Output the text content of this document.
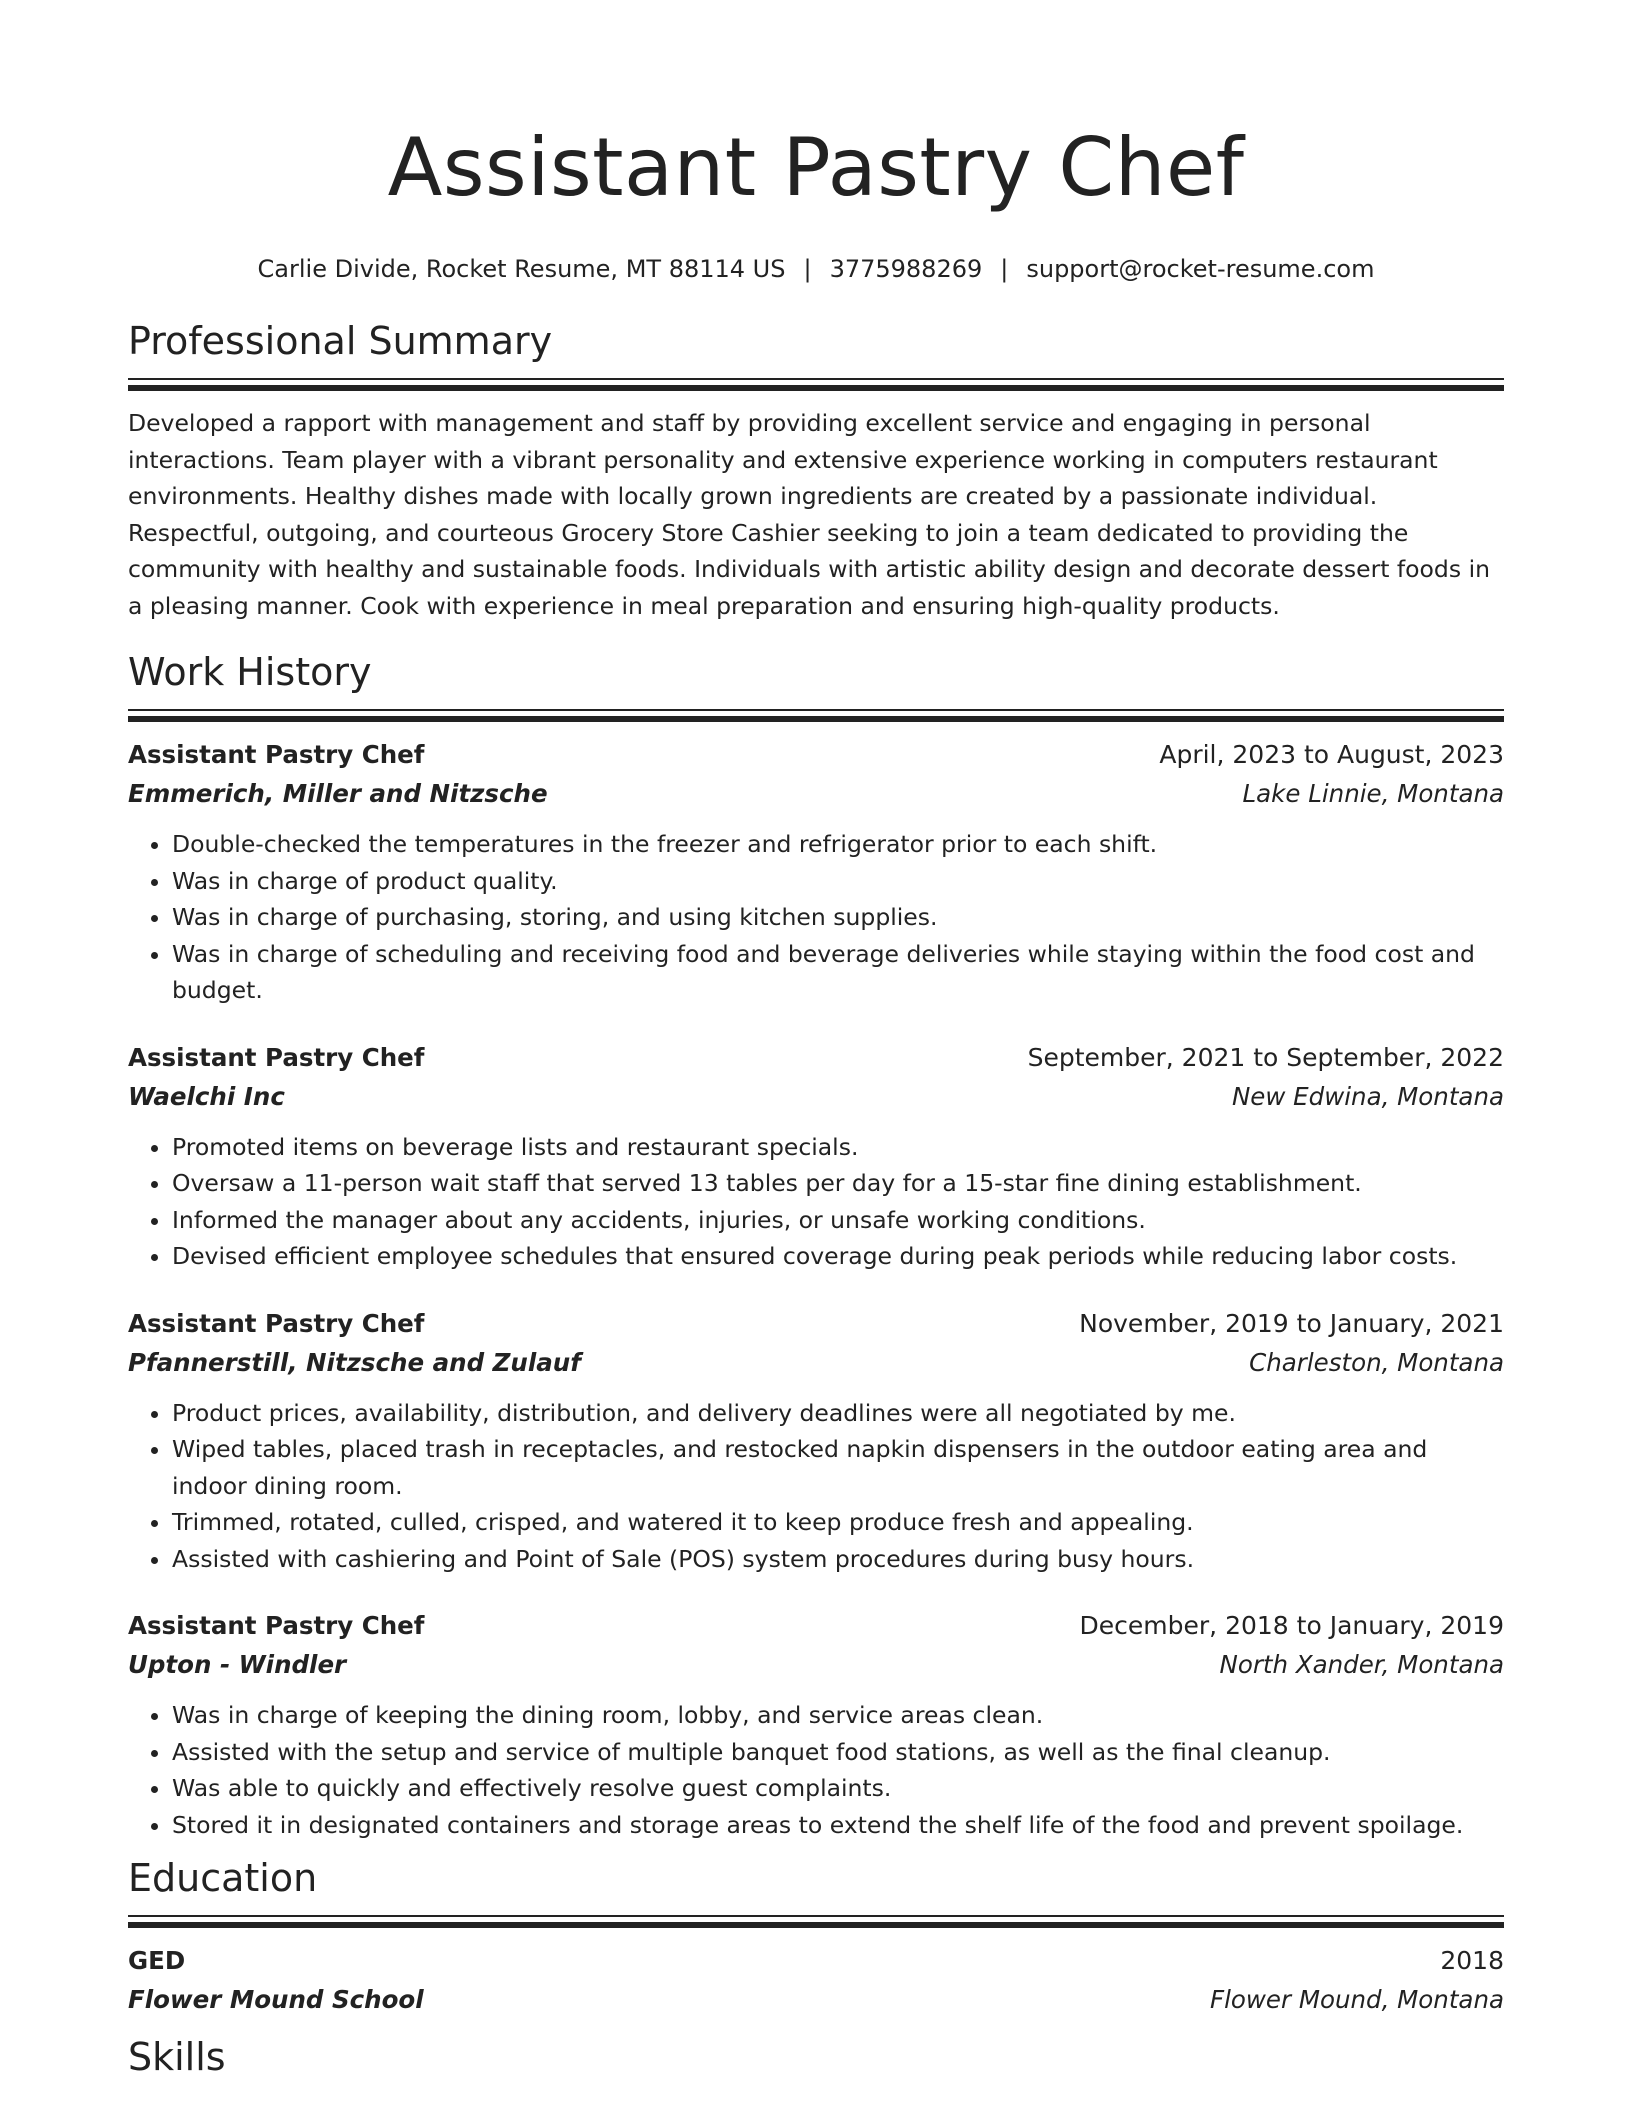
Assistant Pastry Chef
Carlie Divide, Rocket Resume, MT 88114 US | 3775988269 | support@rocket-resume.com
Professional Summary
Developed a rapport with management and staff by providing excellent service and engaging in personal interactions. Team player with a vibrant personality and extensive experience working in computers restaurant environments. Healthy dishes made with locally grown ingredients are created by a passionate individual. Respectful, outgoing, and courteous Grocery Store Cashier seeking to join a team dedicated to providing the community with healthy and sustainable foods. Individuals with artistic ability design and decorate dessert foods in a pleasing manner. Cook with experience in meal preparation and ensuring high-quality products.
Work History
Assistant Pastry Chef	April, 2023 to August, 2023
Emmerich, Miller and Nitzsche	Lake Linnie, Montana
• Double-checked the temperatures in the freezer and refrigerator prior to each shift.
• Was in charge of product quality.
• Was in charge of purchasing, storing, and using kitchen supplies.
• Was in charge of scheduling and receiving food and beverage deliveries while staying within the food cost and budget.
Assistant Pastry Chef	September, 2021 to September, 2022
Waelchi Inc	New Edwina, Montana
• Promoted items on beverage lists and restaurant specials.
• Oversaw a 11-person wait staff that served 13 tables per day for a 15-star fine dining establishment.
• Informed the manager about any accidents, injuries, or unsafe working conditions.
• Devised efficient employee schedules that ensured coverage during peak periods while reducing labor costs.
Assistant Pastry Chef	November, 2019 to January, 2021
Pfannerstill, Nitzsche and Zulauf	Charleston, Montana
• Product prices, availability, distribution, and delivery deadlines were all negotiated by me.
• Wiped tables, placed trash in receptacles, and restocked napkin dispensers in the outdoor eating area and indoor dining room.
• Trimmed, rotated, culled, crisped, and watered it to keep produce fresh and appealing.
• Assisted with cashiering and Point of Sale (POS) system procedures during busy hours.
Assistant Pastry Chef	December, 2018 to January, 2019
Upton - Windler	North Xander, Montana
• Was in charge of keeping the dining room, lobby, and service areas clean.
• Assisted with the setup and service of multiple banquet food stations, as well as the final cleanup.
• Was able to quickly and effectively resolve guest complaints.
• Stored it in designated containers and storage areas to extend the shelf life of the food and prevent spoilage.
Education
GED	2018
Flower Mound School	Flower Mound, Montana
Skills
